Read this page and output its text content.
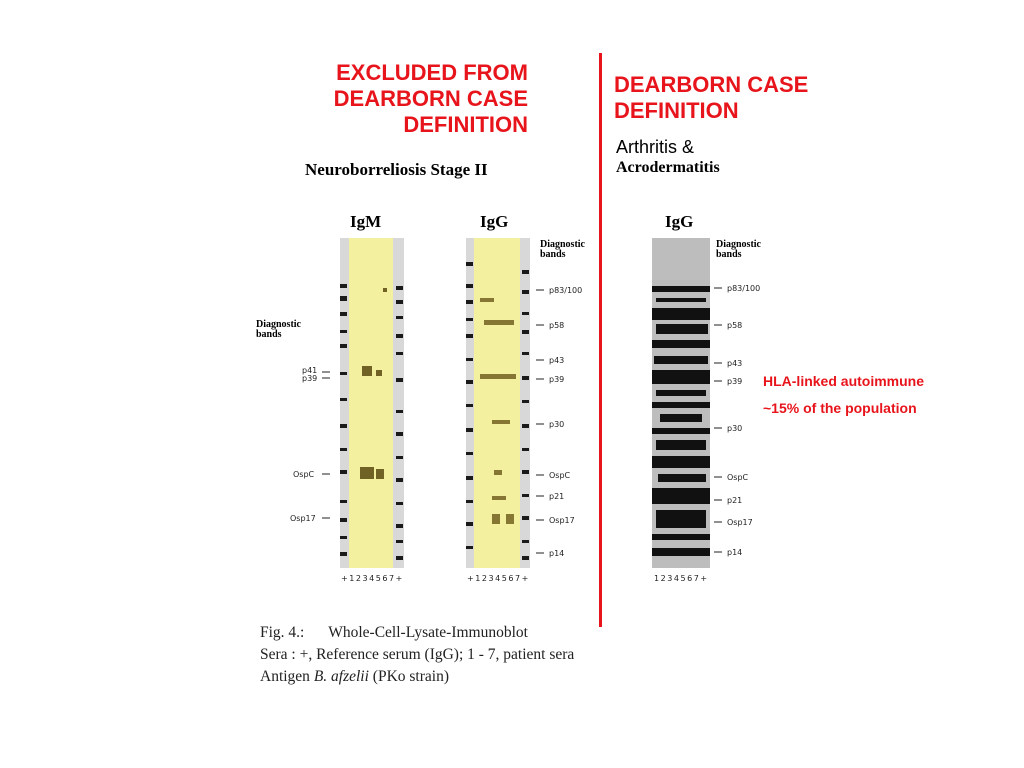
EXCLUDED FROM
DEARBORN CASE
DEFINITION
DEARBORN CASE
DEFINITION
Neuroborreliosis Stage II
IgM	IgG
Arthritis &
Acrodermatitis
IgG
Diagnostic
bands
p41
p39
OspC
Osp17
Diagnostic
bands
p83/100
p58
p43
p39
p30
OspC
p21
Osp17
p14
Diagnostic
bands
p83/100
p58
p43
p39
p30
OspC
p21
Osp17
p14
+ 1 2 3 4 5 6 7 +	+ 1 2 3 4 5 6 7 +	1 2 3 4 5 6 7 +
HLA-linked autoimmune
~15% of the population
Fig. 4.: Whole-Cell-Lysate-Immunoblot
Sera : +, Reference serum (IgG); 1 - 7, patient sera
Antigen B. afzelii (PKo strain)
